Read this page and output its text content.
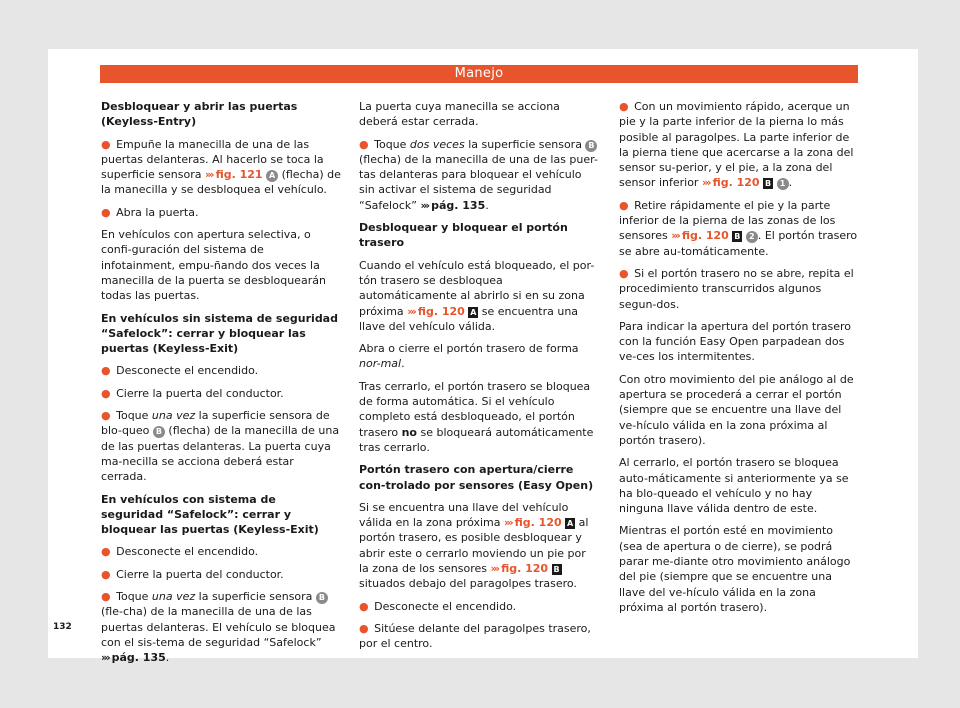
Manejo
Desbloquear y abrir las puertas (Keyless-Entry)

● Empuñe la manecilla de una de las puertas delanteras. Al hacerlo se toca la superficie sensora ››› fig. 121 A (flecha) de la manecilla y se desbloquea el vehículo.

● Abra la puerta.

En vehículos con apertura selectiva, o confi-guración del sistema de infotainment, empu-ñando dos veces la manecilla de la puerta se desbloquearán todas las puertas.

En vehículos sin sistema de seguridad “Safelock”: cerrar y bloquear las puertas (Keyless-Exit)

● Desconecte el encendido.

● Cierre la puerta del conductor.

● Toque una vez la superficie sensora de blo-queo B (flecha) de la manecilla de una de las puertas delanteras. La puerta cuya ma-necilla se acciona deberá estar cerrada.

En vehículos con sistema de seguridad “Safelock”: cerrar y bloquear las puertas (Keyless-Exit)

● Desconecte el encendido.

● Cierre la puerta del conductor.

● Toque una vez la superficie sensora B (fle-cha) de la manecilla de una de las puertas delanteras. El vehículo se bloquea con el sis-tema de seguridad “Safelock” ››› pág. 135.

La puerta cuya manecilla se acciona deberá estar cerrada.

● Toque dos veces la superficie sensora B (flecha) de la manecilla de una de las puer-tas delanteras para bloquear el vehículo sin activar el sistema de seguridad “Safelock” ››› pág. 135.

Desbloquear y bloquear el portón trasero

Cuando el vehículo está bloqueado, el por-tón trasero se desbloquea automáticamente al abrirlo si en su zona próxima ››› fig. 120 A se encuentra una llave del vehículo válida.

Abra o cierre el portón trasero de forma nor-mal.

Tras cerrarlo, el portón trasero se bloquea de forma automática. Si el vehículo completo está desbloqueado, el portón trasero no se bloqueará automáticamente tras cerrarlo.

Portón trasero con apertura/cierre con-trolado por sensores (Easy Open)

Si se encuentra una llave del vehículo válida en la zona próxima ››› fig. 120 A al portón trasero, es posible desbloquear y abrir este o cerrarlo moviendo un pie por la zona de los sensores ››› fig. 120 B situados debajo del paragolpes trasero.

● Desconecte el encendido.

● Sitúese delante del paragolpes trasero, por el centro.

● Con un movimiento rápido, acerque un pie y la parte inferior de la pierna lo más posible al paragolpes. La parte inferior de la pierna tiene que acercarse a la zona del sensor su-perior, y el pie, a la zona del sensor inferior ››› fig. 120 B 1 .

● Retire rápidamente el pie y la parte inferior de la pierna de las zonas de los sensores ››› fig. 120 B 2 . El portón trasero se abre au-tomáticamente.

● Si el portón trasero no se abre, repita el procedimiento transcurridos algunos segun-dos.

Para indicar la apertura del portón trasero con la función Easy Open parpadean dos ve-ces los intermitentes.

Con otro movimiento del pie análogo al de apertura se procederá a cerrar el portón (siempre que se encuentre una llave del ve-hículo válida en la zona próxima al portón trasero).

Al cerrarlo, el portón trasero se bloquea auto-máticamente si anteriormente ya se ha blo-queado el vehículo y no hay ninguna llave válida dentro de este.

Mientras el portón esté en movimiento (sea de apertura o de cierre), se podrá parar me-diante otro movimiento análogo del pie (siempre que se encuentre una llave del ve-hículo válida en la zona próxima al portón trasero).

132
